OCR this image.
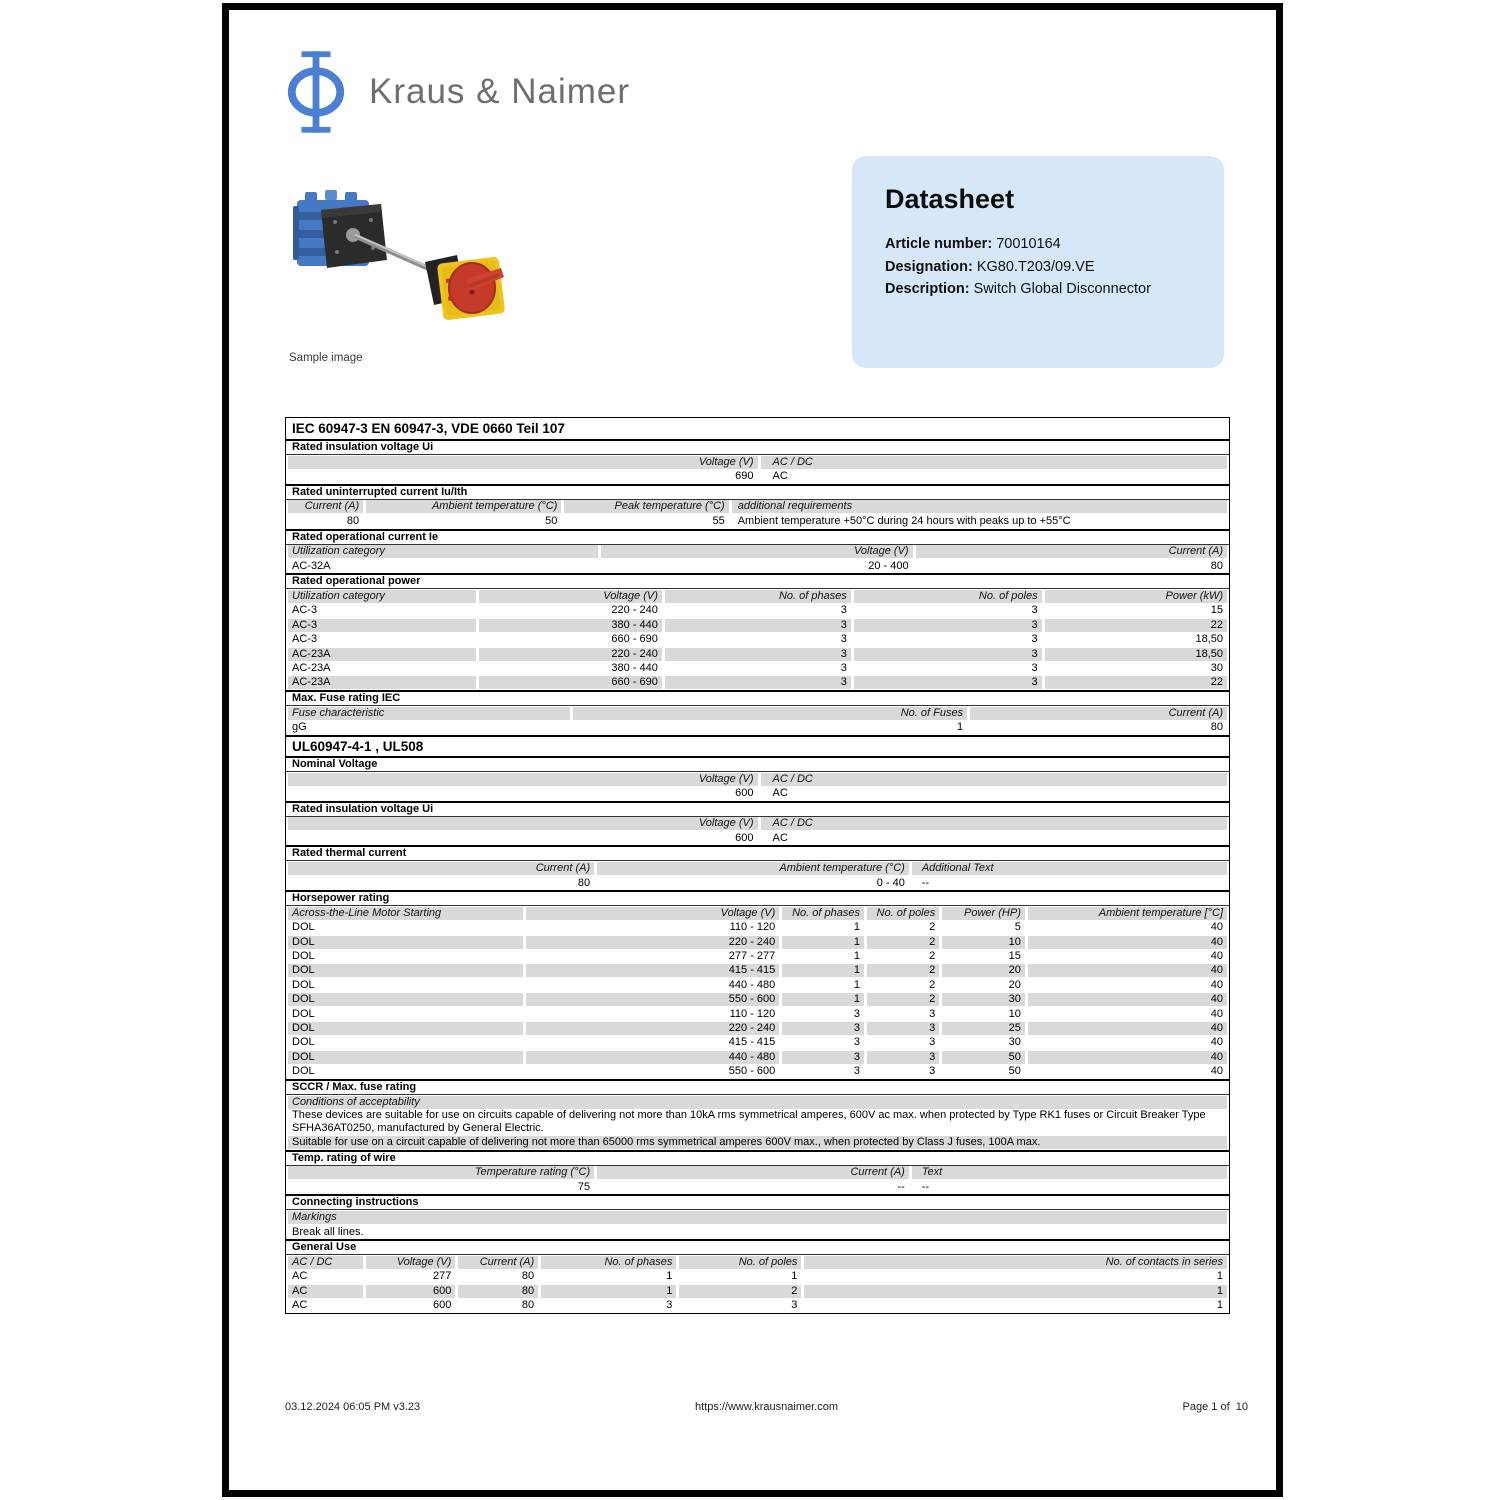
Kraus & Naimer
Sample image
Datasheet
Article number: 70010164
Designation: KG80.T203/09.VE
Description: Switch Global Disconnector
IEC 60947-3 EN 60947-3, VDE 0660 Teil 107
Rated insulation voltage Ui
Voltage (V)	AC / DC
690	AC
Rated uninterrupted current Iu/Ith
Current (A)	Ambient temperature (°C)	Peak temperature (°C)	additional requirements
80	50	55	Ambient temperature +50°C during 24 hours with peaks up to +55°C
Rated operational current Ie
Utilization category	Voltage (V)	Current (A)
AC-32A	20 - 400	80
Rated operational power
Utilization category	Voltage (V)	No. of phases	No. of poles	Power (kW)
AC-3	220 - 240	3	3	15
AC-3	380 - 440	3	3	22
AC-3	660 - 690	3	3	18,50
AC-23A	220 - 240	3	3	18,50
AC-23A	380 - 440	3	3	30
AC-23A	660 - 690	3	3	22
Max. Fuse rating IEC
Fuse characteristic	No. of Fuses	Current (A)
gG	1	80
UL60947-4-1 , UL508
Nominal Voltage
Voltage (V)	AC / DC
600	AC
Rated insulation voltage Ui
Voltage (V)	AC / DC
600	AC
Rated thermal current
Current (A)	Ambient temperature (°C)	Additional Text
80	0 - 40	--
Horsepower rating
Across-the-Line Motor Starting	Voltage (V)	No. of phases	No. of poles	Power (HP)	Ambient temperature [°C]
DOL	110 - 120	1	2	5	40
DOL	220 - 240	1	2	10	40
DOL	277 - 277	1	2	15	40
DOL	415 - 415	1	2	20	40
DOL	440 - 480	1	2	20	40
DOL	550 - 600	1	2	30	40
DOL	110 - 120	3	3	10	40
DOL	220 - 240	3	3	25	40
DOL	415 - 415	3	3	30	40
DOL	440 - 480	3	3	50	40
DOL	550 - 600	3	3	50	40
SCCR / Max. fuse rating
Conditions of acceptability
These devices are suitable for use on circuits capable of delivering not more than 10kA rms symmetrical amperes, 600V ac max. when protected by Type RK1 fuses or Circuit Breaker Type SFHA36AT0250, manufactured by General Electric.
Suitable for use on a circuit capable of delivering not more than 65000 rms symmetrical amperes 600V max., when protected by Class J fuses, 100A max.
Temp. rating of wire
Temperature rating (°C)	Current (A)	Text
75	--	--
Connecting instructions
Markings
Break all lines.
General Use
AC / DC	Voltage (V)	Current (A)	No. of phases	No. of poles	No. of contacts in series
AC	277	80	1	1	1
AC	600	80	1	2	1
AC	600	80	3	3	1
03.12.2024 06:05 PM v3.23	https://www.krausnaimer.com	Page 1 of  10
